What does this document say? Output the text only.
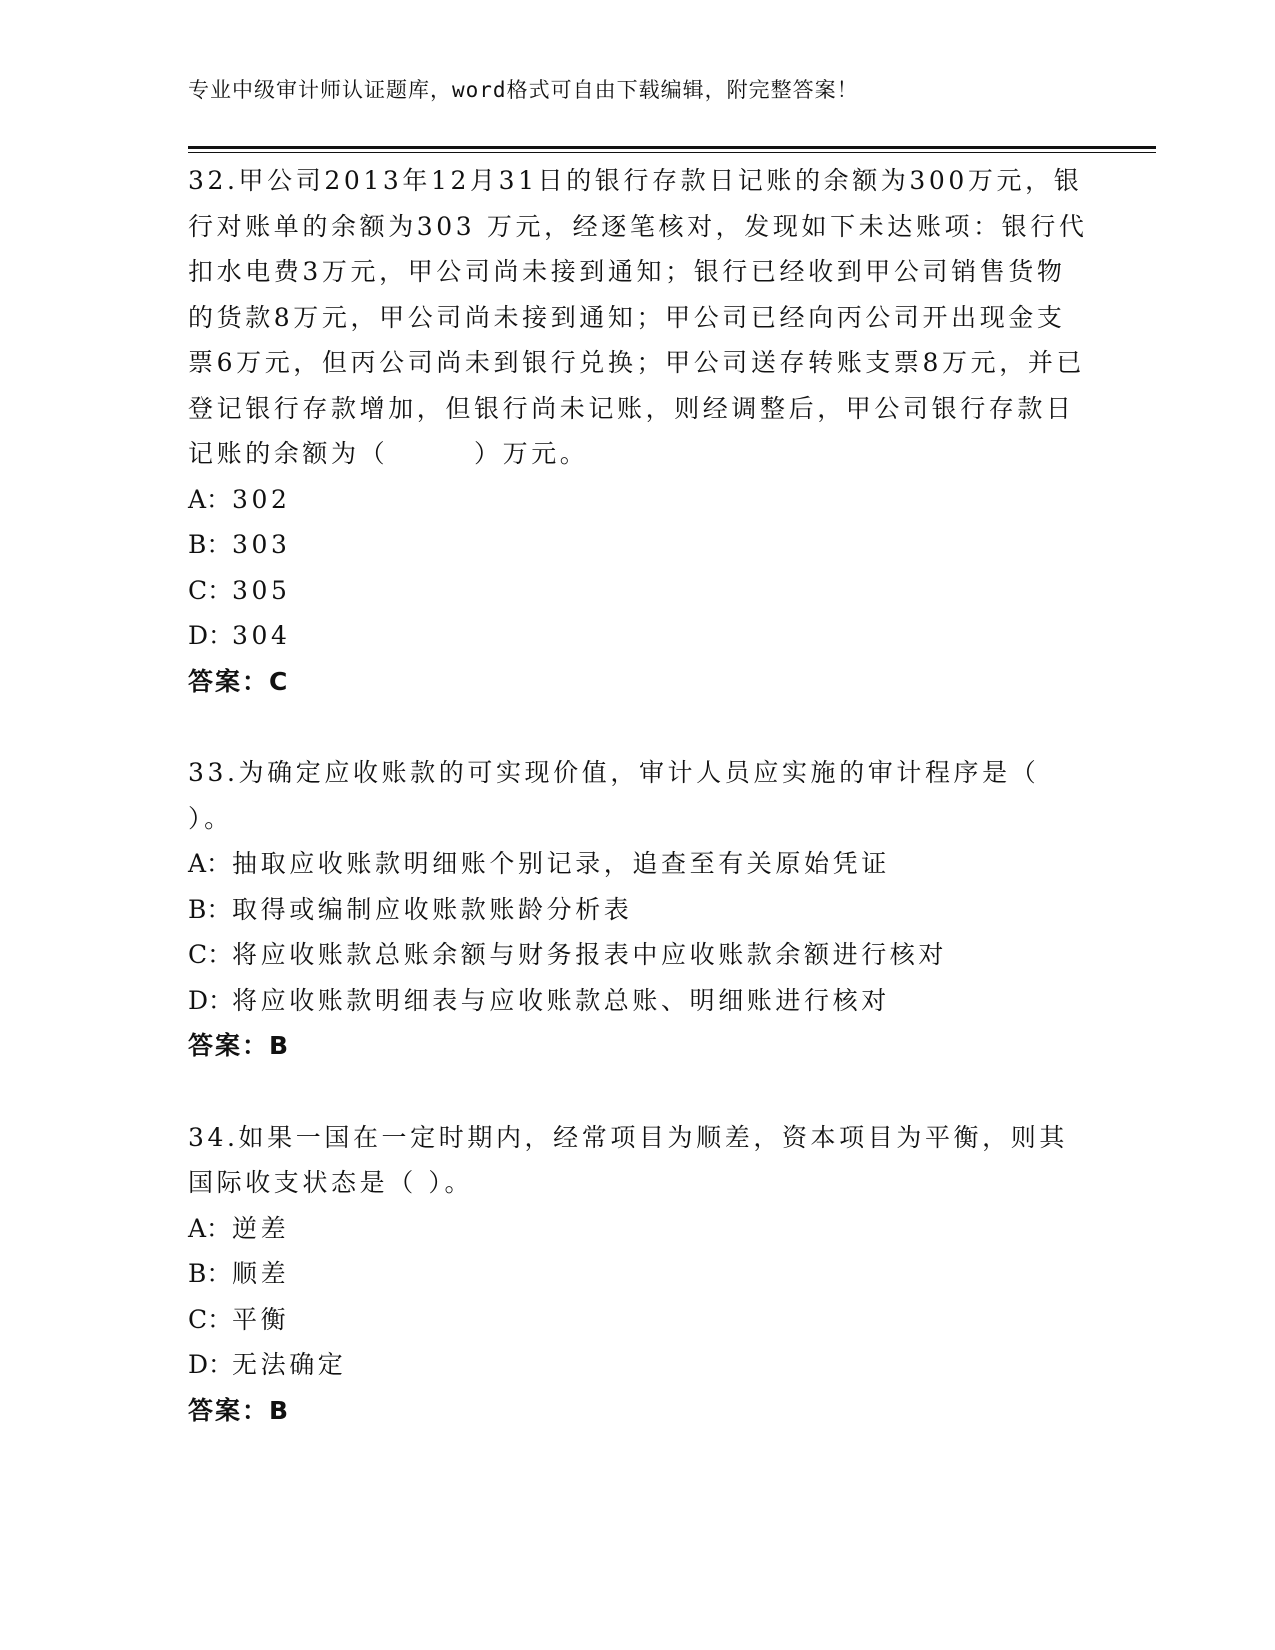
专业中级审计师认证题库，word格式可自由下载编辑，附完整答案！

32.甲公司2013年12月31日的银行存款日记账的余额为300万元，银行对账单的余额为303 万元，经逐笔核对，发现如下未达账项：银行代扣水电费3万元，甲公司尚未接到通知；银行已经收到甲公司销售货物的货款8万元，甲公司尚未接到通知；甲公司已经向丙公司开出现金支票6万元，但丙公司尚未到银行兑换；甲公司送存转账支票8万元，并已登记银行存款增加，但银行尚未记账，则经调整后，甲公司银行存款日记账的余额为（　　　）万元。

A： 302
B： 303
C： 305
D：
304
答案：C

33.为确定应收账款的可实现价值，审计人员应实施的审计程序是（ ）。

A： 抽取应收账款明细账个别记录，追查至有关原始凭证
B： 取得或编制应收账款账龄分析表
C： 将应收账款总账余额与财务报表中应收账款余额进行核对
D：
将应收账款明细表与应收账款总账、明细账进行核对
答案：B

34.如果一国在一定时期内，经常项目为顺差，资本项目为平衡，则其国际收支状态是（ ）。

A： 逆差
B： 顺差
C： 平衡
D：
无法确定
答案：B
